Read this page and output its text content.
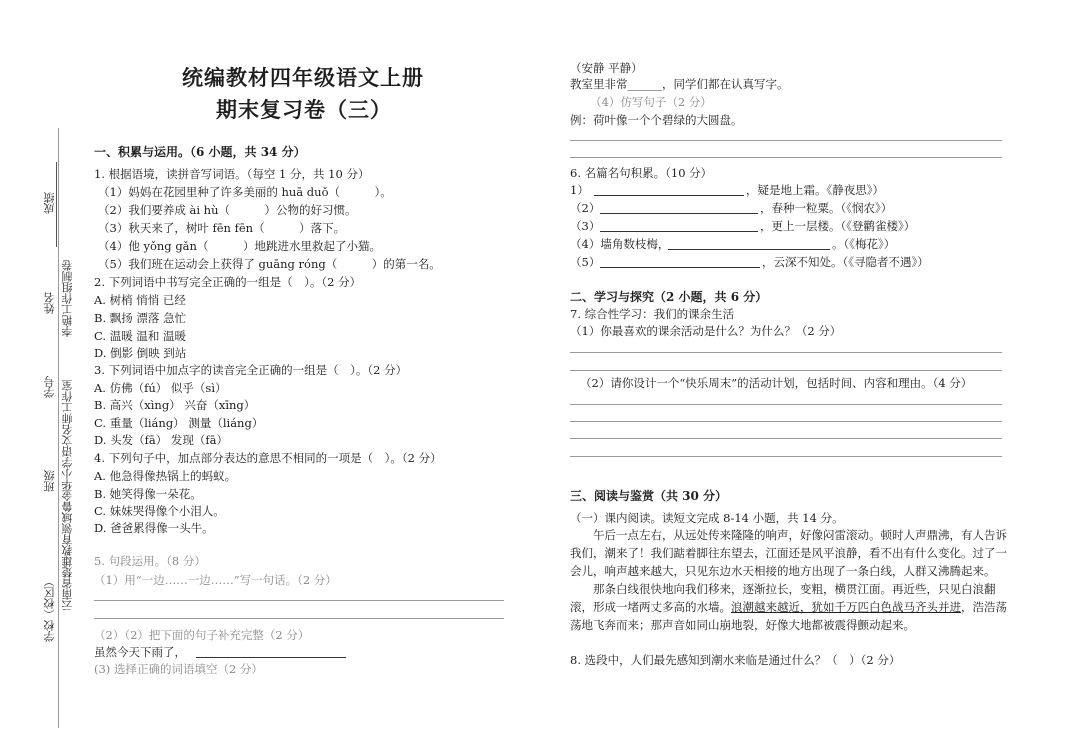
成绩
姓名 李艳工作组制卷
学号 云南省楚雄教育领域鲁金华小学语文名师工作室
班级
学校（校区）
统编教材四年级语文上册
期末复习卷（三）
一、积累与运用。（6 小题，共 34 分）
1. 根据语境，读拼音写词语。（每空 1 分，共 10 分）
（1）妈妈在花园里种了许多美丽的 huā duǒ（　　　）。
（2）我们要养成 ài hù（　　　）公物的好习惯。
（3）秋天来了，树叶 fēn fēn（　　　）落下。
（4）他 yǒng gǎn（　　　）地跳进水里救起了小猫。
（5）我们班在运动会上获得了 guāng róng（　　　）的第一名。
2. 下列词语中书写完全正确的一组是（　）。（2 分）
A. 树梢 悄悄 已经
B. 飘扬 漂落 急忙
C. 温暖 温和 温暖
D. 倒影 倒映 到站
3. 下列词语中加点字的读音完全正确的一组是（　）。（2 分）
A. 仿佛（fú） 似乎（sì）
B. 高兴（xìng） 兴奋（xīng）
C. 重量（liáng） 测量（liáng）
D. 头发（fā） 发现（fā）
4. 下列句子中，加点部分表达的意思不相同的一项是（　）。（2 分）
A. 他急得像热锅上的蚂蚁。
B. 她笑得像一朵花。
C. 妹妹哭得像个小泪人。
D. 爸爸累得像一头牛。
5. 句段运用。（8 分）
（1）用“一边……一边……”写一句话。（2 分）
（2）（2）把下面的句子补充完整（2 分）
虽然今天下雨了，
(3) 选择正确的词语填空（2 分）
（安静 平静）
教室里非常______，同学们都在认真写字。
（4）仿写句子（2 分）
例：荷叶像一个个碧绿的大圆盘。
6. 名篇名句积累。（10 分）
1）	，疑是地上霜。《静夜思》）
（2）	，春种一粒粟。（《悯农》）
（3）	，更上一层楼。（《登鹳雀楼》）
（4）墙角数枝梅，	。（《梅花》）
（5）	，云深不知处。（《寻隐者不遇》）
二、学习与探究（2 小题，共 6 分）
7. 综合性学习：我们的课余生活
（1）你最喜欢的课余活动是什么？为什么？（2 分）
（2）请你设计一个“快乐周末”的活动计划，包括时间、内容和理由。（4 分）
三、阅读与鉴赏（共 30 分）
（一）课内阅读。读短文完成 8-14 小题，共 14 分。
午后一点左右，从远处传来隆隆的响声，好像闷雷滚动。顿时人声鼎沸，有人告诉我们，潮来了！我们踮着脚往东望去，江面还是风平浪静，看不出有什么变化。过了一会儿，响声越来越大，只见东边水天相接的地方出现了一条白线，人群又沸腾起来。
那条白线很快地向我们移来，逐渐拉长，变粗，横贯江面。再近些，只见白浪翻滚，形成一堵两丈多高的水墙。浪潮越来越近，犹如千万匹白色战马齐头并进，浩浩荡荡地飞奔而来；那声音如同山崩地裂，好像大地都被震得颤动起来。
8. 选段中，人们最先感知到潮水来临是通过什么？（　）（2 分）
